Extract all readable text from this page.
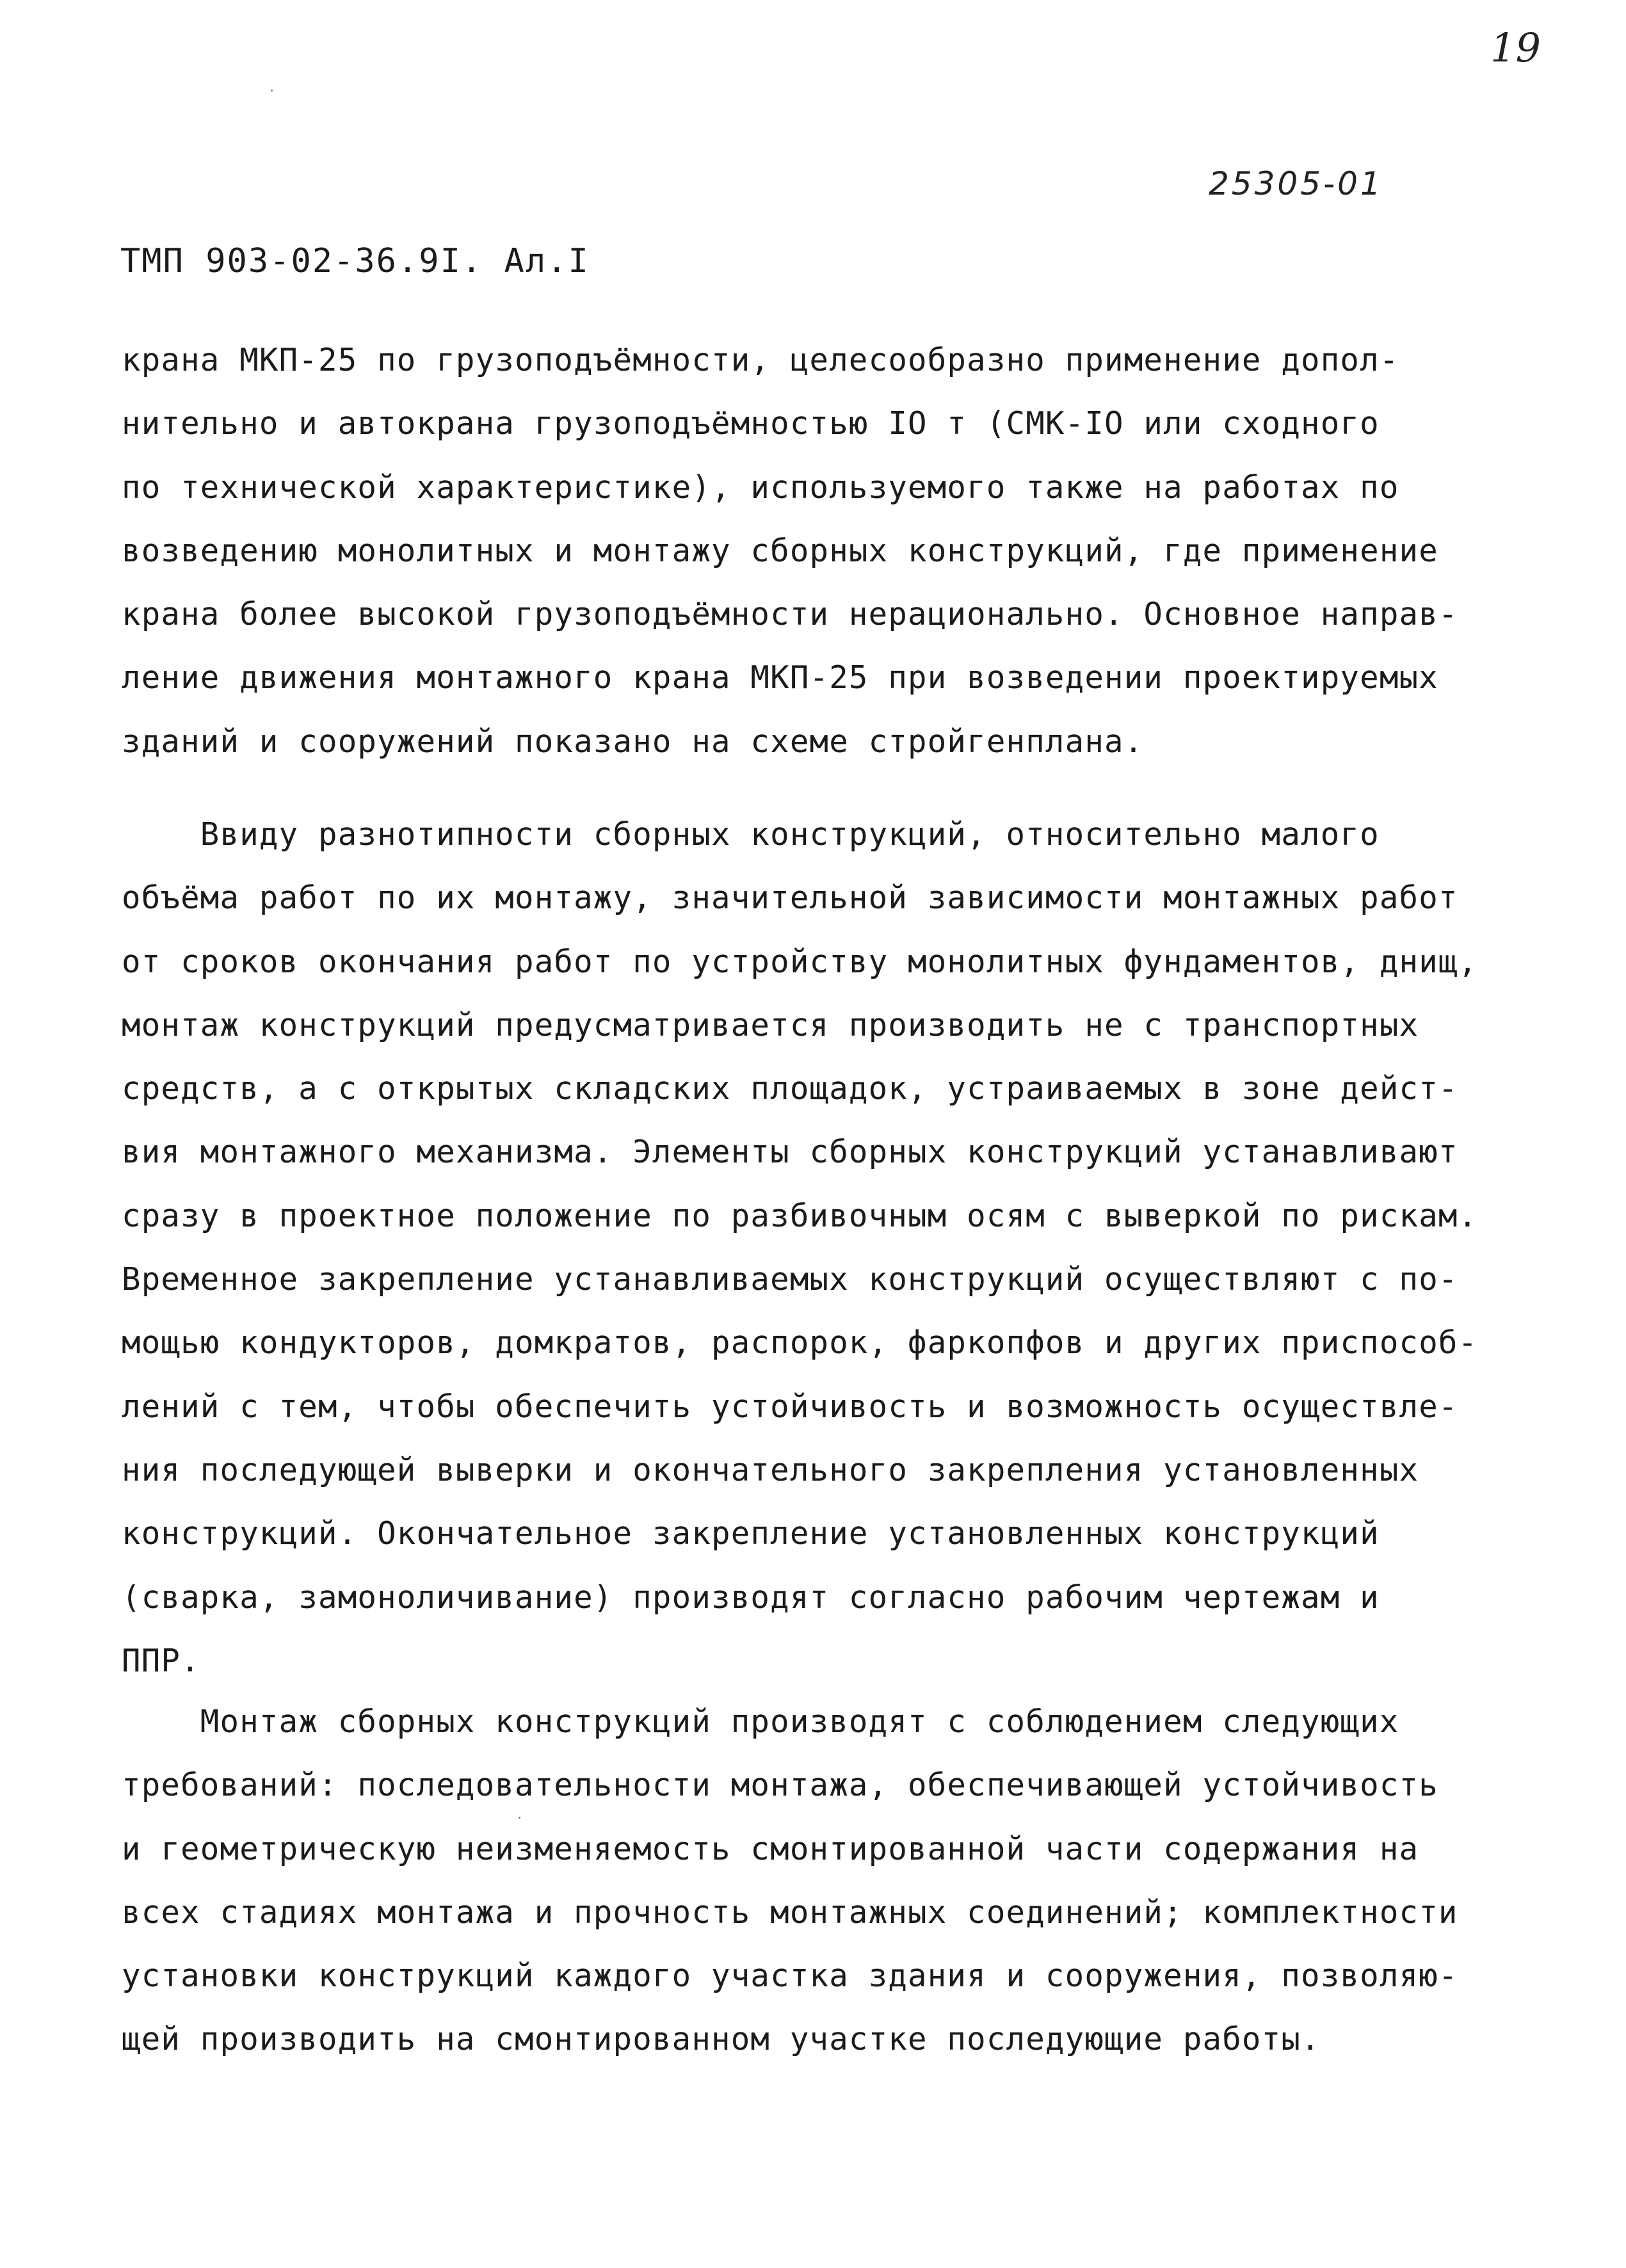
19
25305-01
ТМП 903-02-36.9I. Ал.I
крана МКП-25 по грузоподъёмности, целесообразно применение допол-
нительно и автокрана грузоподъёмностью IО т (СМК-IО или сходного
по технической характеристике), используемого также на работах по
возведению монолитных и монтажу сборных конструкций, где применение
крана более высокой грузоподъёмности нерационально. Основное направ-
ление движения монтажного крана МКП-25 при возведении проектируемых
зданий и сооружений показано на схеме стройгенплана.
Ввиду разнотипности сборных конструкций, относительно малого
объёма работ по их монтажу, значительной зависимости монтажных работ
от сроков окончания работ по устройству монолитных фундаментов, днищ,
монтаж конструкций предусматривается производить не с транспортных
средств, а с открытых складских площадок, устраиваемых в зоне дейст-
вия монтажного механизма. Элементы сборных конструкций устанавливают
сразу в проектное положение по разбивочным осям с выверкой по рискам.
Временное закрепление устанавливаемых конструкций осуществляют с по-
мощью кондукторов, домкратов, распорок, фаркопфов и других приспособ-
лений с тем, чтобы обеспечить устойчивость и возможность осуществле-
ния последующей выверки и окончательного закрепления установленных
конструкций. Окончательное закрепление установленных конструкций
(сварка, замоноличивание) производят согласно рабочим чертежам и
ППР.
Монтаж сборных конструкций производят с соблюдением следующих
требований: последовательности монтажа, обеспечивающей устойчивость
и геометрическую неизменяемость смонтированной части содержания на
всех стадиях монтажа и прочность монтажных соединений; комплектности
установки конструкций каждого участка здания и сооружения, позволяю-
щей производить на смонтированном участке последующие работы.
